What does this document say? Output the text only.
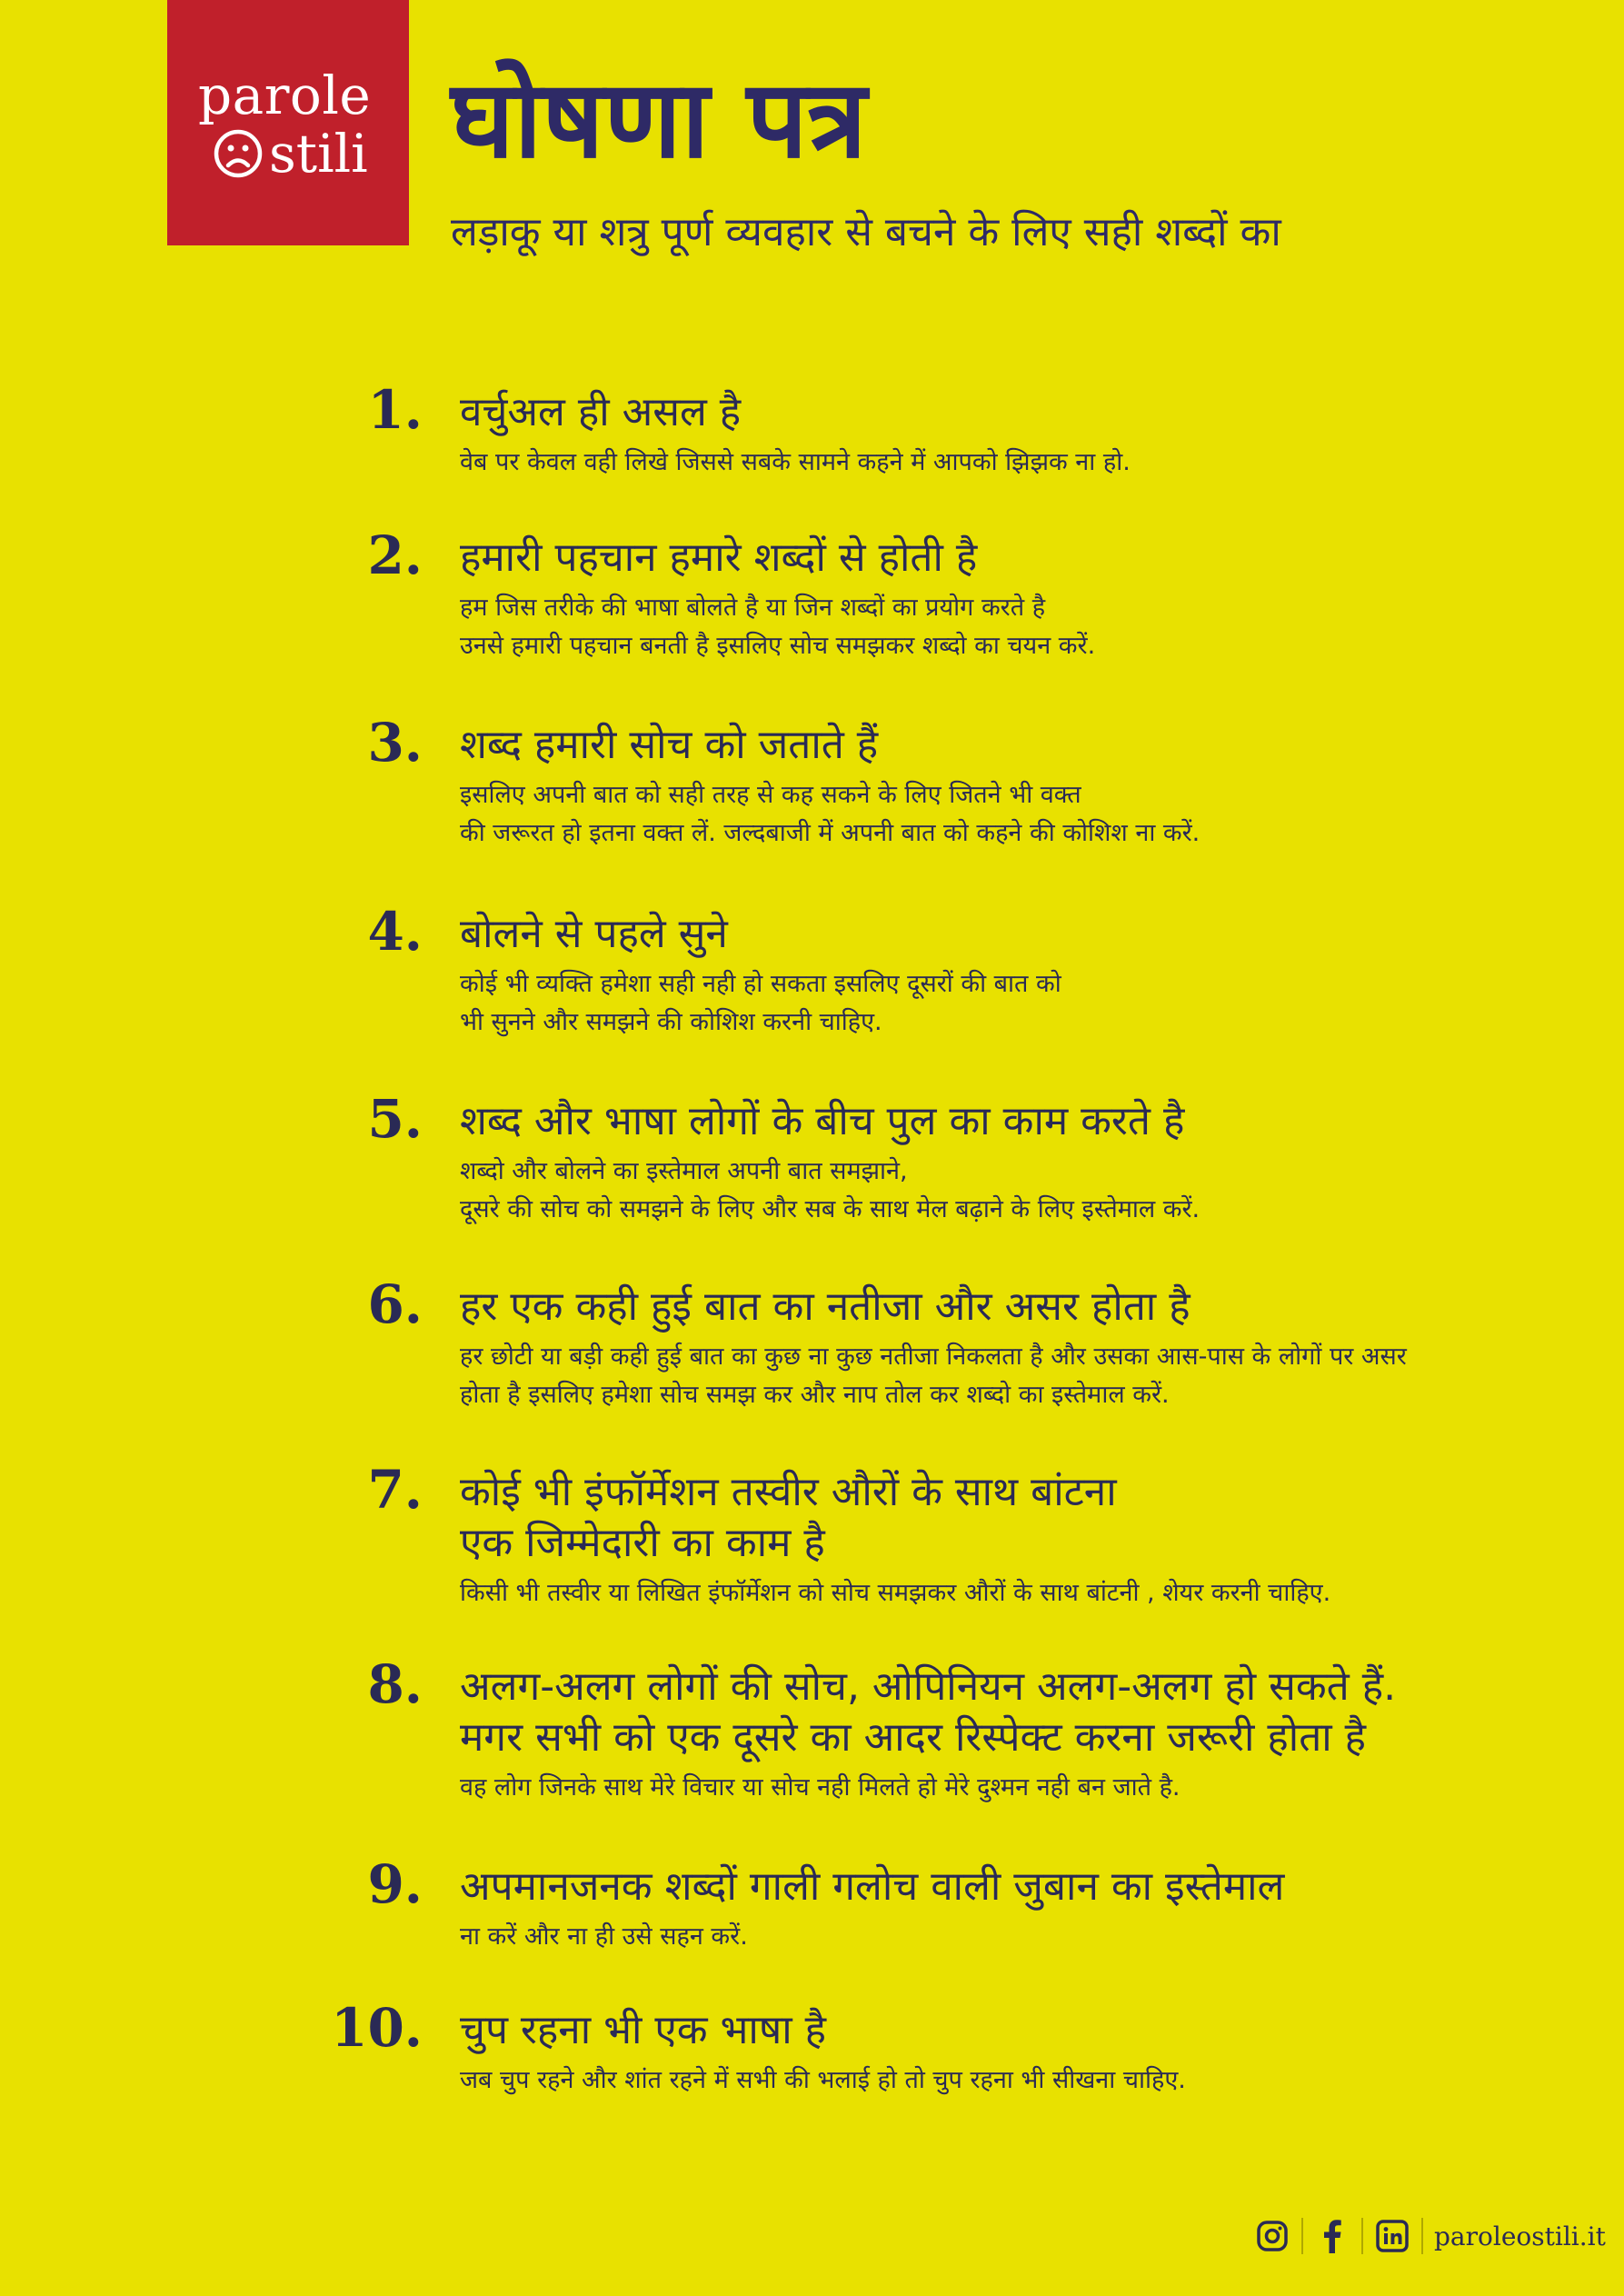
parole
stili घोषणा पत्र

लड़ाकू या शत्रु पूर्ण व्यवहार से बचने के लिए सही शब्दों का

1. वर्चुअल ही असल है

वेब पर केवल वही लिखे जिससे सबके सामने कहने में आपको झिझक ना हो.

2. हमारी पहचान हमारे शब्दों से होती है

हम जिस तरीके की भाषा बोलते है या जिन शब्दों का प्रयोग करते है

उनसे हमारी पहचान बनती है इसलिए सोच समझकर शब्दो का चयन करें.

3. शब्द हमारी सोच को जताते हैं

इसलिए अपनी बात को सही तरह से कह सकने के लिए जितने भी वक्त

की जरूरत हो इतना वक्त लें. जल्दबाजी में अपनी बात को कहने की कोशिश ना करें.

4. बोलने से पहले सुने

कोई भी व्यक्ति हमेशा सही नही हो सकता इसलिए दूसरों की बात को

भी सुनने और समझने की कोशिश करनी चाहिए.

5. शब्द और भाषा लोगों के बीच पुल का काम करते है

शब्दो और बोलने का इस्तेमाल अपनी बात समझाने,

दूसरे की सोच को समझने के लिए और सब के साथ मेल बढ़ाने के लिए इस्तेमाल करें.

6. हर एक कही हुई बात का नतीजा और असर होता है

हर छोटी या बड़ी कही हुई बात का कुछ ना कुछ नतीजा निकलता है और उसका आस-पास के लोगों पर असर

होता है इसलिए हमेशा सोच समझ कर और नाप तोल कर शब्दो का इस्तेमाल करें.

7. कोई भी इंफॉर्मेशन तस्वीर औरों के साथ बांटना
एक जिम्मेदारी का काम है

किसी भी तस्वीर या लिखित इंफॉर्मेशन को सोच समझकर औरों के साथ बांटनी , शेयर करनी चाहिए.

8. अलग-अलग लोगों की सोच, ओपिनियन अलग-अलग हो सकते हैं.
मगर सभी को एक दूसरे का आदर रिस्पेक्ट करना जरूरी होता है

वह लोग जिनके साथ मेरे विचार या सोच नही मिलते हो मेरे दुश्मन नही बन जाते है.

9. अपमानजनक शब्दों गाली गलोच वाली जुबान का इस्तेमाल

ना करें और ना ही उसे सहन करें.

10. चुप रहना भी एक भाषा है

जब चुप रहने और शांत रहने में सभी की भलाई हो तो चुप रहना भी सीखना चाहिए.

paroleostili.it
